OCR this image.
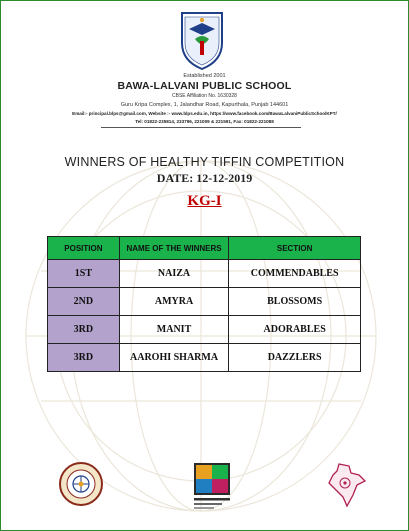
Established 2001
BAWA-LALVANI PUBLIC SCHOOL
CBSE Affiliation No. 1630328
Guru Kripa Complex, 1, Jalandhar Road, Kapurthala, Punjab 144601
Email:- principal.blps@gmail.com, Website :- www.blps.edu.in, https://www.facebook.com/BawaLalvaniPublicSchoolKPT/
Tel: 01822-235814, 233796, 221009 & 221591, Fax: 01822-221088
WINNERS OF HEALTHY TIFFIN COMPETITION
DATE: 12-12-2019
KG-I
POSITION	NAME OF THE WINNERS	SECTION
1ST	NAIZA	COMMENDABLES
2ND	AMYRA	BLOSSOMS
3RD	MANIT	ADORABLES
3RD	AAROHI SHARMA	DAZZLERS
